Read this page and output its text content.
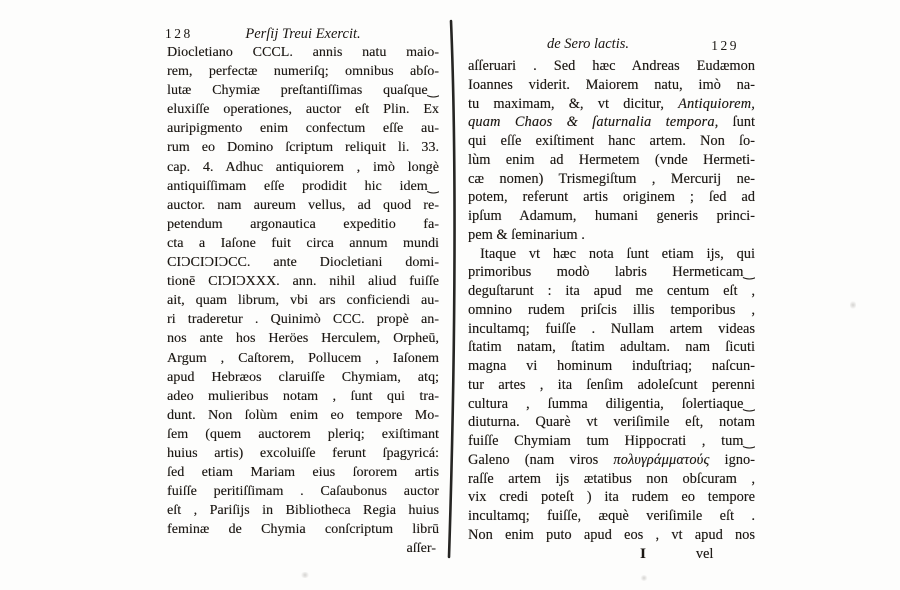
128	Perſij Treui Exercit.
Diocletiano CCCL. annis natu maio-
rem, perfectæ numeriſq; omnibus abſo-
lutæ Chymiæ preſtantiſſimas quaſque‿
eluxiſſe operationes, auctor eſt Plin. Ex
auripigmento enim confectum eſſe au-
rum eo Domino ſcriptum reliquit li. 33.
cap. 4. Adhuc antiquiorem , imò longè
antiquiſſimam eſſe prodidit hic idem‿
auctor. nam aureum vellus, ad quod re-
petendum argonautica expeditio fa-
cta a Iaſone fuit circa annum mundi
CIƆCIƆIƆCC. ante Diocletiani domi-
tionē CIƆIƆXXX. ann. nihil aliud fuiſſe
ait, quam librum, vbi ars conficiendi au-
ri traderetur . Quinimò CCC. propè an-
nos ante hos Heröes Herculem, Orpheū,
Argum , Caſtorem, Pollucem , Iaſonem
apud Hebræos claruiſſe Chymiam, atq;
adeo mulieribus notam , ſunt qui tra-
dunt. Non ſolùm enim eo tempore Mo-
ſem (quem auctorem pleriq; exiſtimant
huius artis) excoluiſſe ferunt ſpagyricá:
ſed etiam Mariam eius ſororem artis
fuiſſe peritiſſimam . Caſaubonus auctor
eſt , Pariſijs in Bibliotheca Regia huius
feminæ de Chymia conſcriptum librū
aſſer-
de Sero lactis.	129
aſſeruari . Sed hæc Andreas Eudæmon
Ioannes viderit. Maiorem natu, imò na-
tu maximam, &, vt dicitur, Antiquiorem,
quam Chaos & ſaturnalia tempora, ſunt
qui eſſe exiſtiment hanc artem. Non ſo-
lùm enim ad Hermetem (vnde Hermeti-
cæ nomen) Trismegiſtum , Mercurij ne-
potem, referunt artis originem ; ſed ad
ipſum Adamum, humani generis princi-
pem & ſeminarium .
Itaque vt hæc nota ſunt etiam ijs, qui
primoribus modò labris Hermeticam‿
deguſtarunt : ita apud me centum eſt ,
omnino rudem priſcis illis temporibus ,
incultamq; fuiſſe . Nullam artem videas
ſtatim natam, ſtatim adultam. nam ſicuti
magna vi hominum induſtriaq; naſcun-
tur artes , ita ſenſim adoleſcunt perenni
cultura , ſumma diligentia, ſolertiaque‿
diuturna. Quarè vt veriſimile eſt, notam
fuiſſe Chymiam tum Hippocrati , tum‿
Galeno (nam viros πολυγράμματούς igno-
raſſe artem ijs ætatibus non obſcuram ,
vix credi poteſt ) ita rudem eo tempore
incultamq; fuiſſe, æquè veriſimile eſt .
Non enim puto apud eos , vt apud nos
I	vel
